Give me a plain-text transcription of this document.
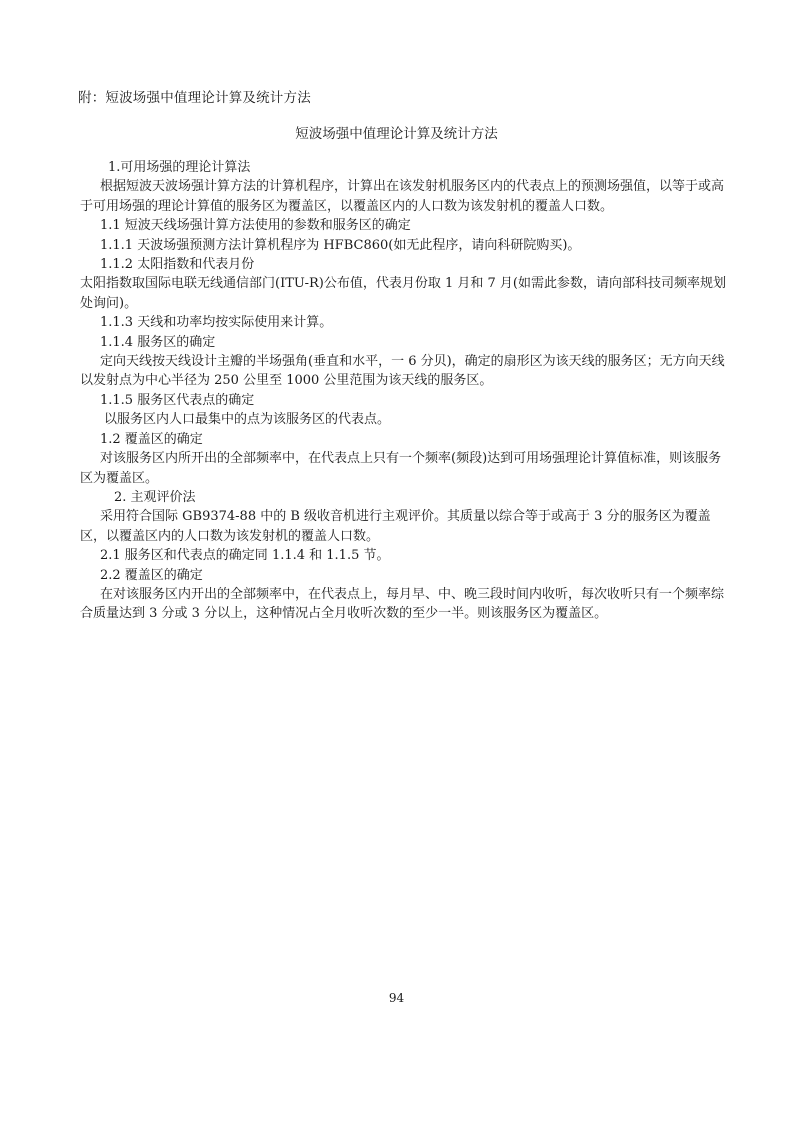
附：短波场强中值理论计算及统计方法
短波场强中值理论计算及统计方法

1.可用场强的理论计算法

根据短波天波场强计算方法的计算机程序，计算出在该发射机服务区内的代表点上的预测场强值，以等于或高于可用场强的理论计算值的服务区为覆盖区，以覆盖区内的人口数为该发射机的覆盖人口数。

1.1 短波天线场强计算方法使用的参数和服务区的确定

1.1.1 天波场强预测方法计算机程序为 HFBC860(如无此程序，请向科研院购买)。

1.1.2 太阳指数和代表月份

太阳指数取国际电联无线通信部门(ITU-R)公布值，代表月份取 1 月和 7 月(如需此参数，请向部科技司频率规划处询问)。

1.1.3 天线和功率均按实际使用来计算。

1.1.4 服务区的确定

定向天线按天线设计主瓣的半场强角(垂直和水平，一 6 分贝)，确定的扇形区为该天线的服务区；无方向天线以发射点为中心半径为 250 公里至 1000 公里范围为该天线的服务区。

1.1.5 服务区代表点的确定

以服务区内人口最集中的点为该服务区的代表点。

1.2 覆盖区的确定

对该服务区内所开出的全部频率中，在代表点上只有一个频率(频段)达到可用场强理论计算值标准，则该服务区为覆盖区。

2. 主观评价法

采用符合国际 GB9374-88 中的 B 级收音机进行主观评价。其质量以综合等于或高于 3 分的服务区为覆盖区，以覆盖区内的人口数为该发射机的覆盖人口数。

2.1 服务区和代表点的确定同 1.1.4 和 1.1.5 节。

2.2 覆盖区的确定

在对该服务区内开出的全部频率中，在代表点上，每月早、中、晚三段时间内收听，每次收听只有一个频率综合质量达到 3 分或 3 分以上，这种情况占全月收听次数的至少一半。则该服务区为覆盖区。

94
